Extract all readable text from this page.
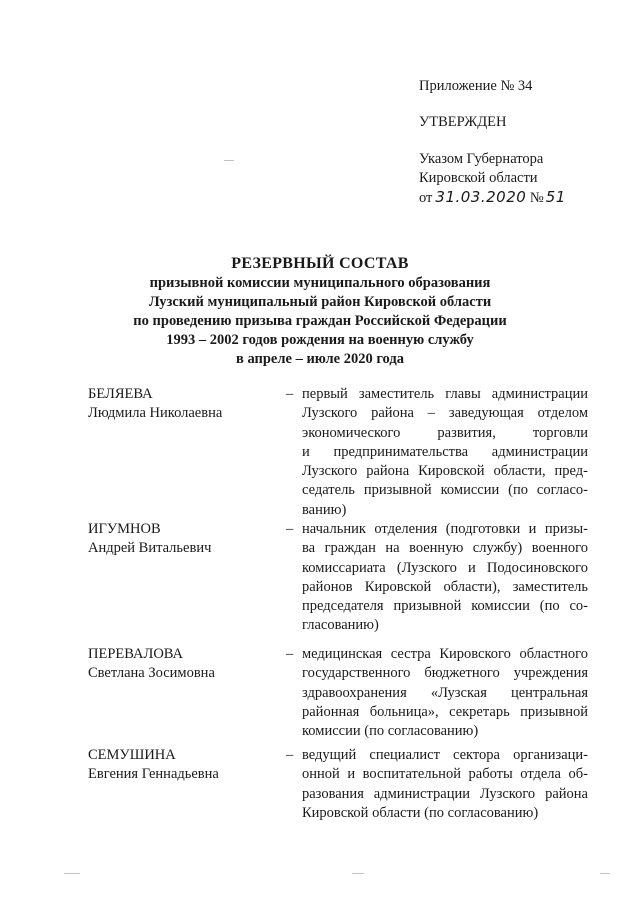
Приложение № 34
УТВЕРЖДЕН
Указом Губернатора
Кировской области
от 31.03.2020 № 51
РЕЗЕРВНЫЙ СОСТАВ
призывной комиссии муниципального образования
Лузский муниципальный район Кировской области
по проведению призыва граждан Российской Федерации
1993 – 2002 годов рождения на военную службу
в апреле – июле 2020 года
БЕЛЯЕВА
Людмила Николаевна
– первый заместитель главы администрации
Лузского района – заведующая отделом
экономического развития, торговли
и предпринимательства администрации
Лузского района Кировской области, пред-
седатель призывной комиссии (по согласо-
ванию)
ИГУМНОВ
Андрей Витальевич
– начальник отделения (подготовки и призы-
ва граждан на военную службу) военного
комиссариата (Лузского и Подосиновского
районов Кировской области), заместитель
председателя призывной комиссии (по со-
гласованию)
ПЕРЕВАЛОВА
Светлана Зосимовна
– медицинская сестра Кировского областного
государственного бюджетного учреждения
здравоохранения «Лузская центральная
районная больница», секретарь призывной
комиссии (по согласованию)
СЕМУШИНА
Евгения Геннадьевна
– ведущий специалист сектора организаци-
онной и воспитательной работы отдела об-
разования администрации Лузского района
Кировской области (по согласованию)
